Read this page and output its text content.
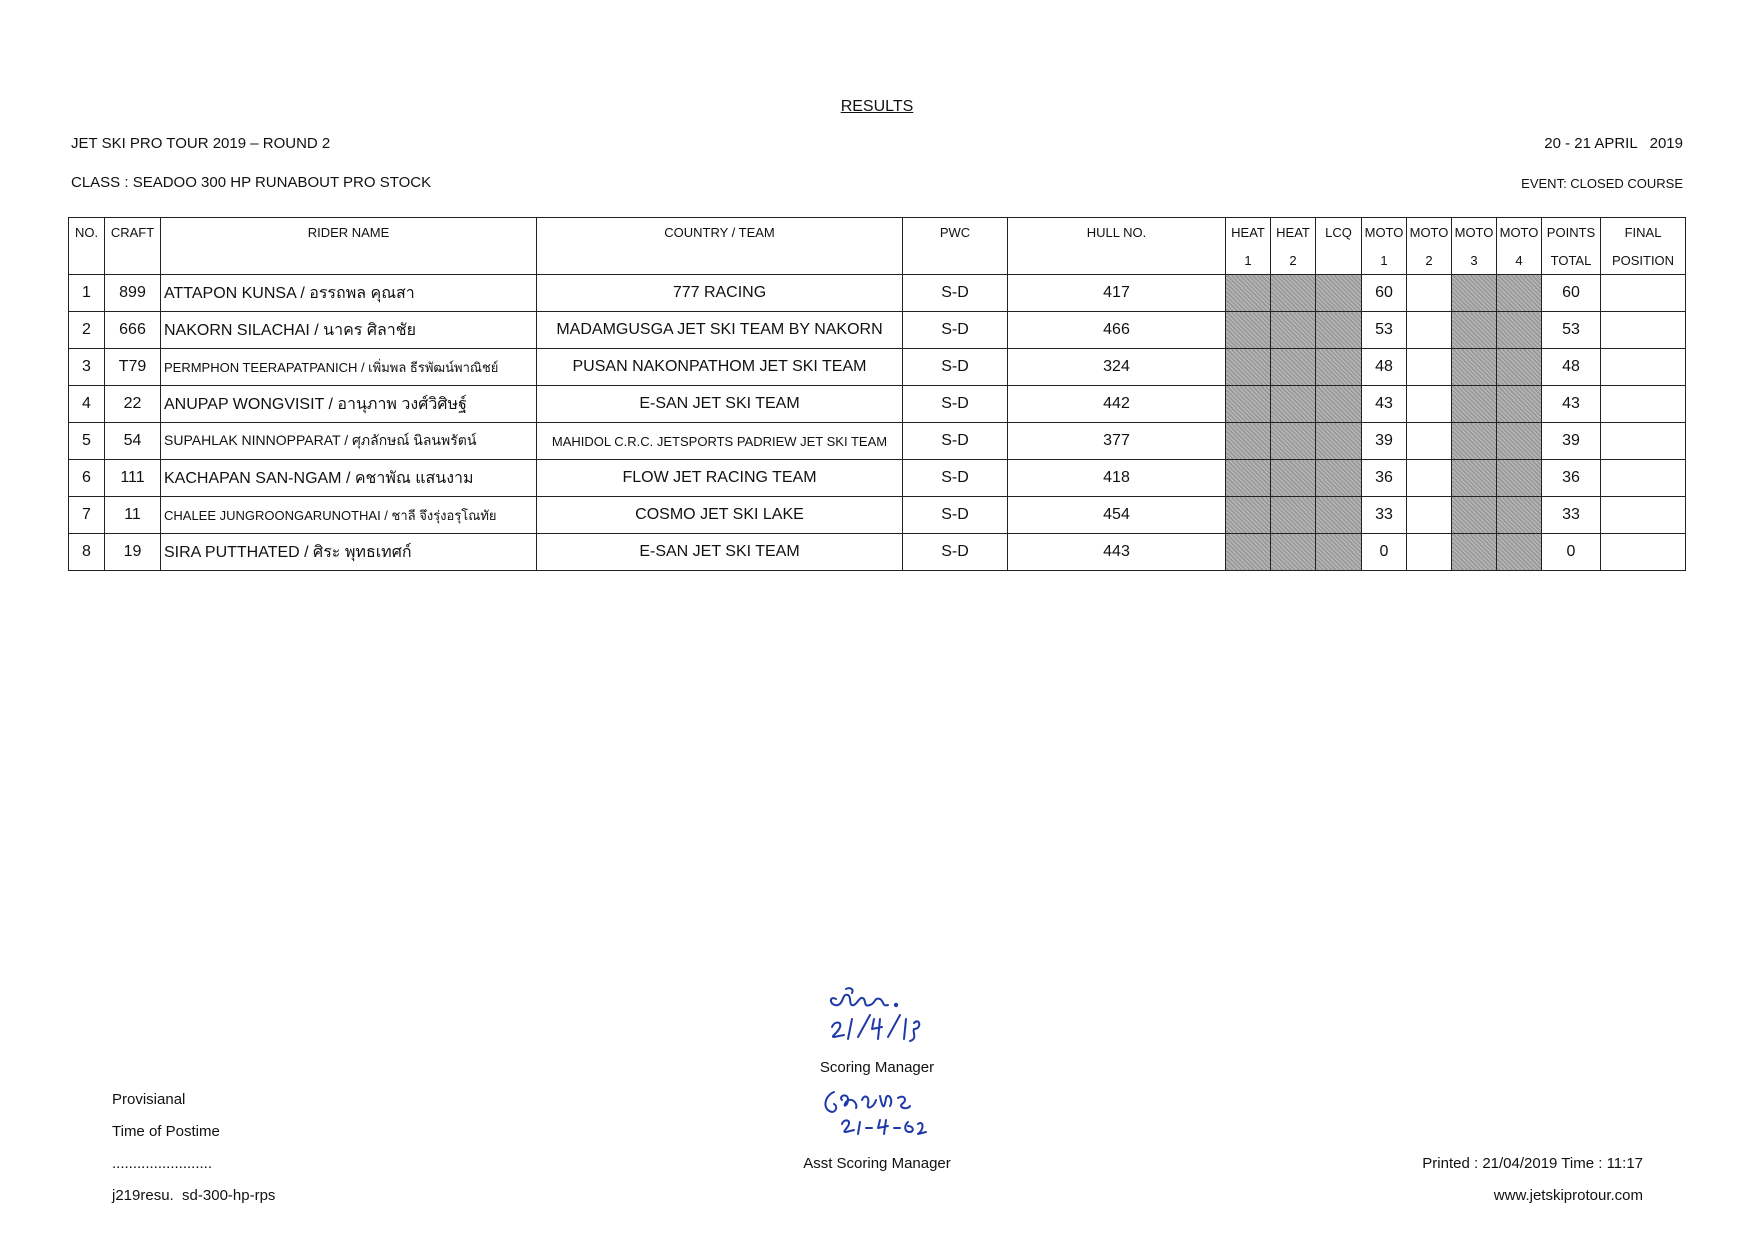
RESULTS
JET SKI PRO TOUR 2019 – ROUND 2	20 - 21 APRIL   2019
CLASS : SEADOO 300 HP RUNABOUT PRO STOCK	EVENT: CLOSED COURSE
NO.	CRAFT	RIDER NAME	COUNTRY / TEAM	PWC	HULL NO.	HEAT	HEAT	LCQ	MOTO	MOTO	MOTO	MOTO	POINTS	FINAL
						1	2		1	2	3	4	TOTAL	POSITION
1	899	ATTAPON KUNSA / อรรถพล คุณสา	777 RACING	S-D	417				60				60	
2	666	NAKORN SILACHAI / นาคร ศิลาชัย	MADAMGUSGA JET SKI TEAM BY NAKORN	S-D	466				53				53	
3	T79	PERMPHON TEERAPATPANICH / เพิ่มพล ธีรพัฒน์พาณิชย์	PUSAN NAKONPATHOM JET SKI TEAM	S-D	324				48				48	
4	22	ANUPAP WONGVISIT / อานุภาพ วงศ์วิศิษฐ์	E-SAN JET SKI TEAM	S-D	442				43				43	
5	54	SUPAHLAK NINNOPPARAT / ศุภลักษณ์ นิลนพรัตน์	MAHIDOL C.R.C. JETSPORTS PADRIEW JET SKI TEAM	S-D	377				39				39	
6	111	KACHAPAN SAN-NGAM / คชาพัณ แสนงาม	FLOW JET RACING TEAM	S-D	418				36				36	
7	11	CHALEE JUNGROONGARUNOTHAI / ชาลี จึงรุ่งอรุโณทัย	COSMO JET SKI LAKE	S-D	454				33				33	
8	19	SIRA PUTTHATED / ศิระ พุทธเทศก์	E-SAN JET SKI TEAM	S-D	443				0				0	
Scoring Manager
Asst Scoring Manager
Provisianal
Time of Postime
........................
j219resu.  sd-300-hp-rps
Printed : 21/04/2019 Time : 11:17
www.jetskiprotour.com
